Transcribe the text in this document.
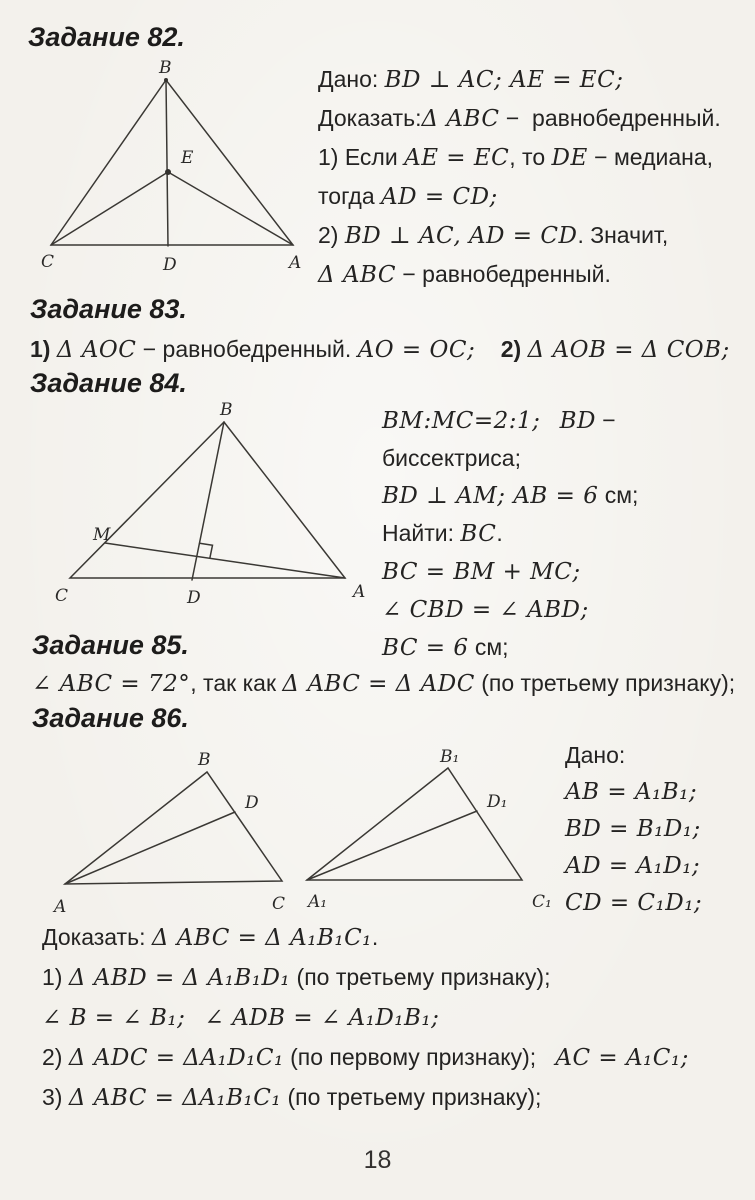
Задание 82.
B
E
C	D	A
Дано: BD ⊥ AC; AE = EC;
Доказать:Δ ABC −  равнобедренный.
1) Если AE = EC, то DE − медиана,
тогда AD = CD;
2) BD ⊥ AC, AD = CD. Значит,
Δ ABC − равнобедренный.
Задание 83.
1) Δ AOC − равнобедренный. AO = OC; 2) Δ AOB = Δ COB;
Задание 84.
B
M
C	D	A
BM:MC=2:1; BD − биссектриса;
BD ⊥ AM; AB = 6 см;
Найти: BC.
BC = BM + MC;
∠ CBD = ∠ ABD;
BC = 6 см;
Задание 85.
∠ ABC = 72°, так как Δ ABC = Δ ADC (по третьему признаку);
Задание 86.
B
D
A	C
B₁
D₁
A₁	C₁
Дано:
AB = A₁B₁;
BD = B₁D₁;
AD = A₁D₁;
CD = C₁D₁;
Доказать: Δ ABC = Δ A₁B₁C₁.
1) Δ ABD = Δ A₁B₁D₁ (по третьему признаку);
∠ B = ∠ B₁; ∠ ADB = ∠ A₁D₁B₁;
2) Δ ADC = ΔA₁D₁C₁ (по первому признаку);   AC = A₁C₁;
3) Δ ABC = ΔA₁B₁C₁ (по третьему признаку);
18
